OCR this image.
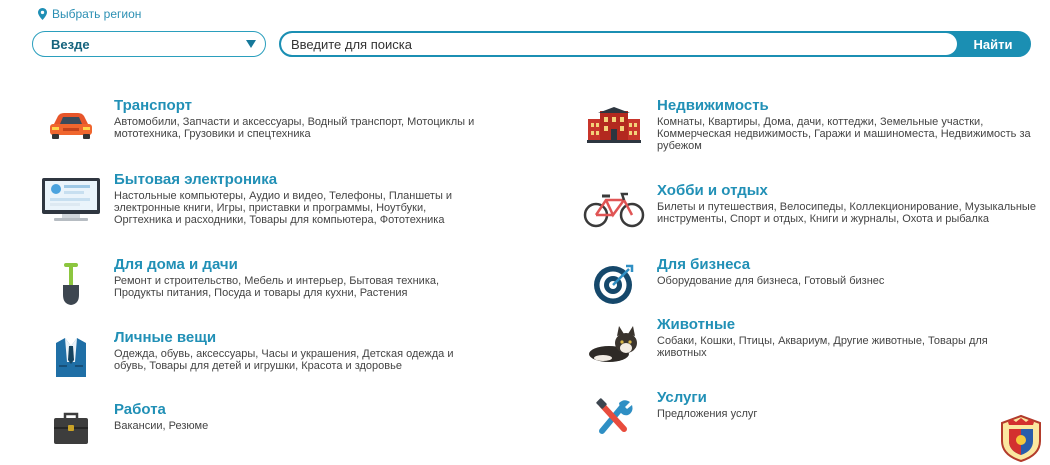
Выбрать регион
Везде
Введите для поиска	Найти
Транспорт
Автомобили, Запчасти и аксессуары, Водный транспорт, Мотоциклы и мототехника, Грузовики и спецтехника
Бытовая электроника
Настольные компьютеры, Аудио и видео, Телефоны, Планшеты и электронные книги, Игры, приставки и программы, Ноутбуки, Оргтехника и расходники, Товары для компьютера, Фототехника
Для дома и дачи
Ремонт и строительство, Мебель и интерьер, Бытовая техника, Продукты питания, Посуда и товары для кухни, Растения
Личные вещи
Одежда, обувь, аксессуары, Часы и украшения, Детская одежда и обувь, Товары для детей и игрушки, Красота и здоровье
Работа
Вакансии, Резюме
Недвижимость
Комнаты, Квартиры, Дома, дачи, коттеджи, Земельные участки, Коммерческая недвижимость, Гаражи и машиноместа, Недвижимость за рубежом
Хобби и отдых
Билеты и путешествия, Велосипеды, Коллекционирование, Музыкальные инструменты, Спорт и отдых, Книги и журналы, Охота и рыбалка
Для бизнеса
Оборудование для бизнеса, Готовый бизнес
Животные
Собаки, Кошки, Птицы, Аквариум, Другие животные, Товары для животных
Услуги
Предложения услуг
